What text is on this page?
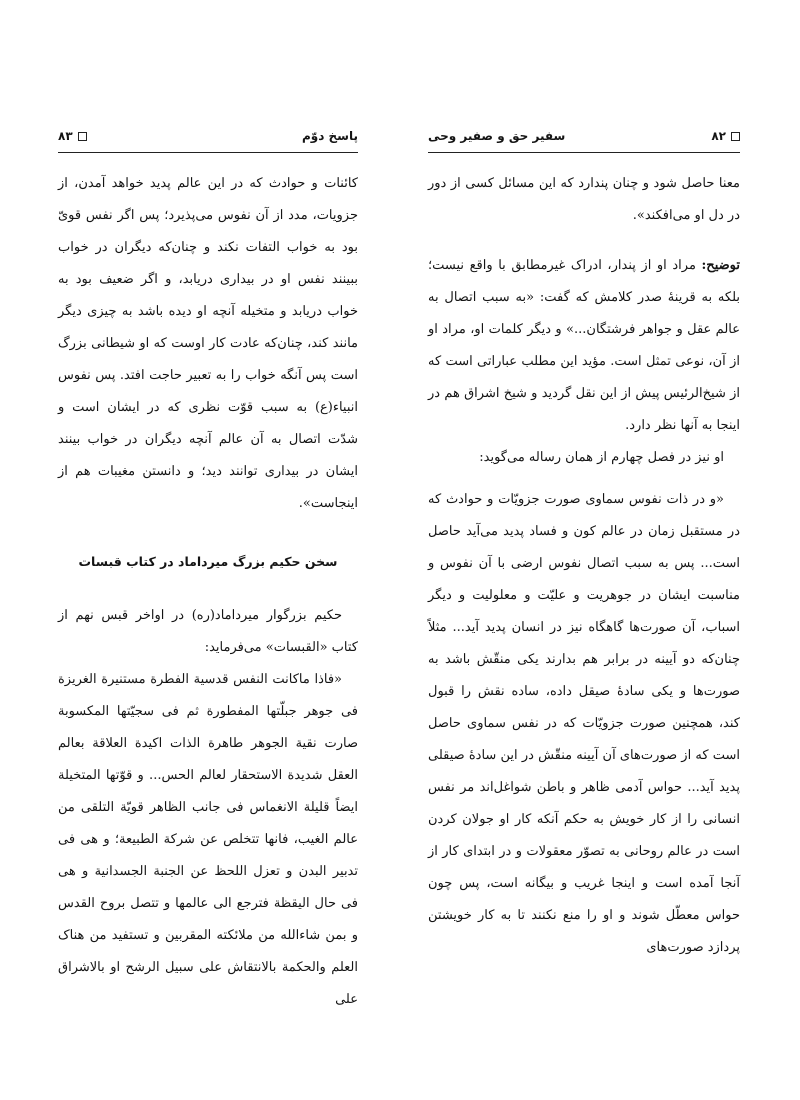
پاسخ دوّم
۸۳

کائنات و حوادث که در این عالم پدید خواهد آمدن، از جزویات، مدد از آن نفوس می‌پذیرد؛ پس اگر نفس قویّ بود به خواب التفات نکند و چنان‌که دیگران در خواب ببینند نفس او در بیداری دریابد، و اگر ضعیف بود به خواب دریابد و متخیله آنچه او دیده باشد به چیزی دیگر مانند کند، چنان‌که عادت کار اوست که او شیطانی بزرگ است پس آنگه خواب را به تعبیر حاجت افتد. پس نفوس انبیاء(ع) به سبب قوّت نظری که در ایشان است و شدّت اتصال به آن عالم آنچه دیگران در خواب بینند ایشان در بیداری توانند دید؛ و دانستن مغیبات هم از اینجاست».

سخن حکیم بزرگ میرداماد در کتاب قبسات

حکیم بزرگوار میرداماد(ره) در اواخر قبس نهم از کتاب «القبسات» می‌فرماید:

«فاذا ماکانت النفس قدسیة الفطرة مستنیرة الغریزة فی جوهر جبلّتها المفطورة ثم فی سجیّتها المکسوبة صارت نقیة الجوهر طاهرة الذات اکیدة العلاقة بعالم العقل شدیدة الاستحقار لعالم الحس... و قوّتها المتخیلة ایضاً قلیلة الانغماس فی جانب الظاهر قویّة التلقی من عالم الغیب، فانها تتخلص عن شرکة الطبیعة؛ و هی فی تدبیر البدن و تعزل اللحظ عن الجنبة الجسدانیة و هی فی حال الیقظة فترجع الی عالمها و تتصل بروح القدس و بمن شاءالله من ملائکته المقربین و تستفید من هناک العلم والحکمة بالانتقاش علی سبیل الرشح او بالاشراق علی

۸۲
سفیر حق و صفیر وحی

معنا حاصل شود و چنان پندارد که این مسائل کسی از دور در دل او می‌افکند».

توضیح: مراد او از پندار، ادراک غیرمطابق با واقع نیست؛ بلکه به قرینهٔ صدر کلامش که گفت: «به سبب اتصال به عالم عقل و جواهر فرشتگان...» و دیگر کلمات او، مراد او از آن، نوعی تمثل است. مؤید این مطلب عباراتی است که از شیخ‌الرئیس پیش از این نقل گردید و شیخ اشراق هم در اینجا به آنها نظر دارد.

او نیز در فصل چهارم از همان رساله می‌گوید:

«و در ذات نفوس سماوی صورت جزویّات و حوادث که در مستقبل زمان در عالم کون و فساد پدید می‌آید حاصل است... پس به سبب اتصال نفوس ارضی با آن نفوس و مناسبت ایشان در جوهریت و علیّت و معلولیت و دیگر اسباب، آن صورت‌ها گاهگاه نیز در انسان پدید آید... مثلاً چنان‌که دو آیینه در برابر هم بدارند یکی منقّش باشد به صورت‌ها و یکی سادهٔ صیقل داده، ساده نقش را قبول کند، همچنین صورت جزویّات که در نفس سماوی حاصل است که از صورت‌های آن آیینه منقّش در این سادهٔ صیقلی پدید آید... حواس آدمی ظاهر و باطن شواغل‌اند مر نفس انسانی را از کار خویش به حکم آنکه کار او جولان کردن است در عالم روحانی به تصوّر معقولات و در ابتدای کار از آنجا آمده است و اینجا غریب و بیگانه است، پس چون حواس معطّل شوند و او را منع نکنند تا به کار خویشتن پردازد صورت‌های
